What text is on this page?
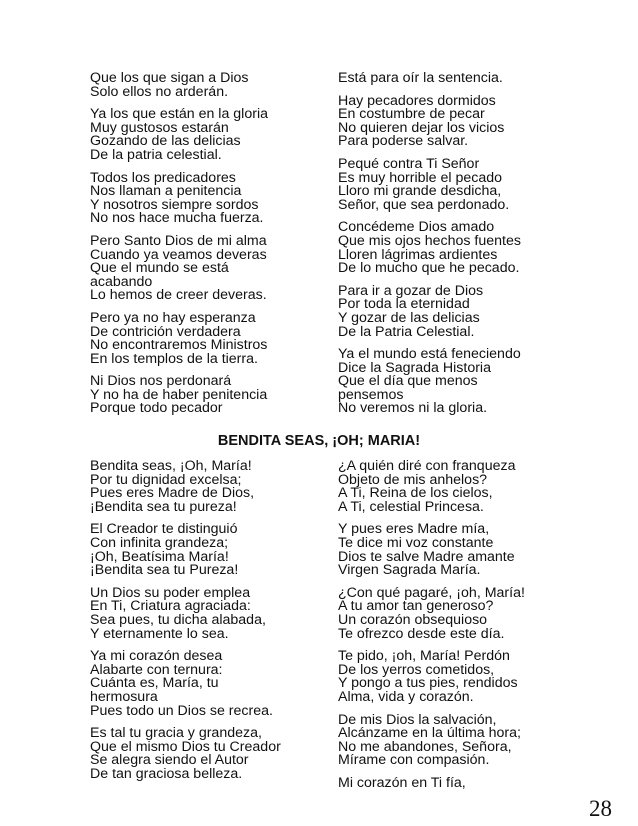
Que los que sigan a Dios
Solo ellos no arderán.
Ya los que están en la gloria
Muy gustosos estarán
Gozando de las delicias
De la patria celestial.
Todos los predicadores
Nos llaman a penitencia
Y nosotros siempre sordos
No nos hace mucha fuerza.
Pero Santo Dios de mi alma
Cuando ya veamos deveras
Que el mundo se está
acabando
Lo hemos de creer deveras.
Pero ya no hay esperanza
De contrición verdadera
No encontraremos Ministros
En los templos de la tierra.
Ni Dios nos perdonará
Y no ha de haber penitencia
Porque todo pecador
Está para oír la sentencia.
Hay pecadores dormidos
En costumbre de pecar
No quieren dejar los vicios
Para poderse salvar.
Pequé contra Ti Señor
Es muy horrible el pecado
Lloro mi grande desdicha,
Señor, que sea perdonado.
Concédeme Dios amado
Que mis ojos hechos fuentes
Lloren lágrimas ardientes
De lo mucho que he pecado.
Para ir a gozar de Dios
Por toda la eternidad
Y gozar de las delicias
De la Patria Celestial.
Ya el mundo está feneciendo
Dice la Sagrada Historia
Que el día que menos
pensemos
No veremos ni la gloria.
BENDITA SEAS, ¡OH; MARIA!
Bendita seas, ¡Oh, María!
Por tu dignidad excelsa;
Pues eres Madre de Dios,
¡Bendita sea tu pureza!
El Creador te distinguió
Con infinita grandeza;
¡Oh, Beatísima María!
¡Bendita sea tu Pureza!
Un Dios su poder emplea
En Ti, Criatura agraciada:
Sea pues, tu dicha alabada,
Y eternamente lo sea.
Ya mi corazón desea
Alabarte con ternura:
Cuánta es, María, tu
hermosura
Pues todo un Dios se recrea.
Es tal tu gracia y grandeza,
Que el mismo Dios tu Creador
Se alegra siendo el Autor
De tan graciosa belleza.
¿A quién diré con franqueza
Objeto de mis anhelos?
A Ti, Reina de los cielos,
A Ti, celestial Princesa.
Y pues eres Madre mía,
Te dice mi voz constante
Dios te salve Madre amante
Virgen Sagrada María.
¿Con qué pagaré, ¡oh, María!
A tu amor tan generoso?
Un corazón obsequioso
Te ofrezco desde este día.
Te pido, ¡oh, María! Perdón
De los yerros cometidos,
Y pongo a tus pies, rendidos
Alma, vida y corazón.
De mis Dios la salvación,
Alcánzame en la última hora;
No me abandones, Señora,
Mírame con compasión.
Mi corazón en Ti fía,
28
